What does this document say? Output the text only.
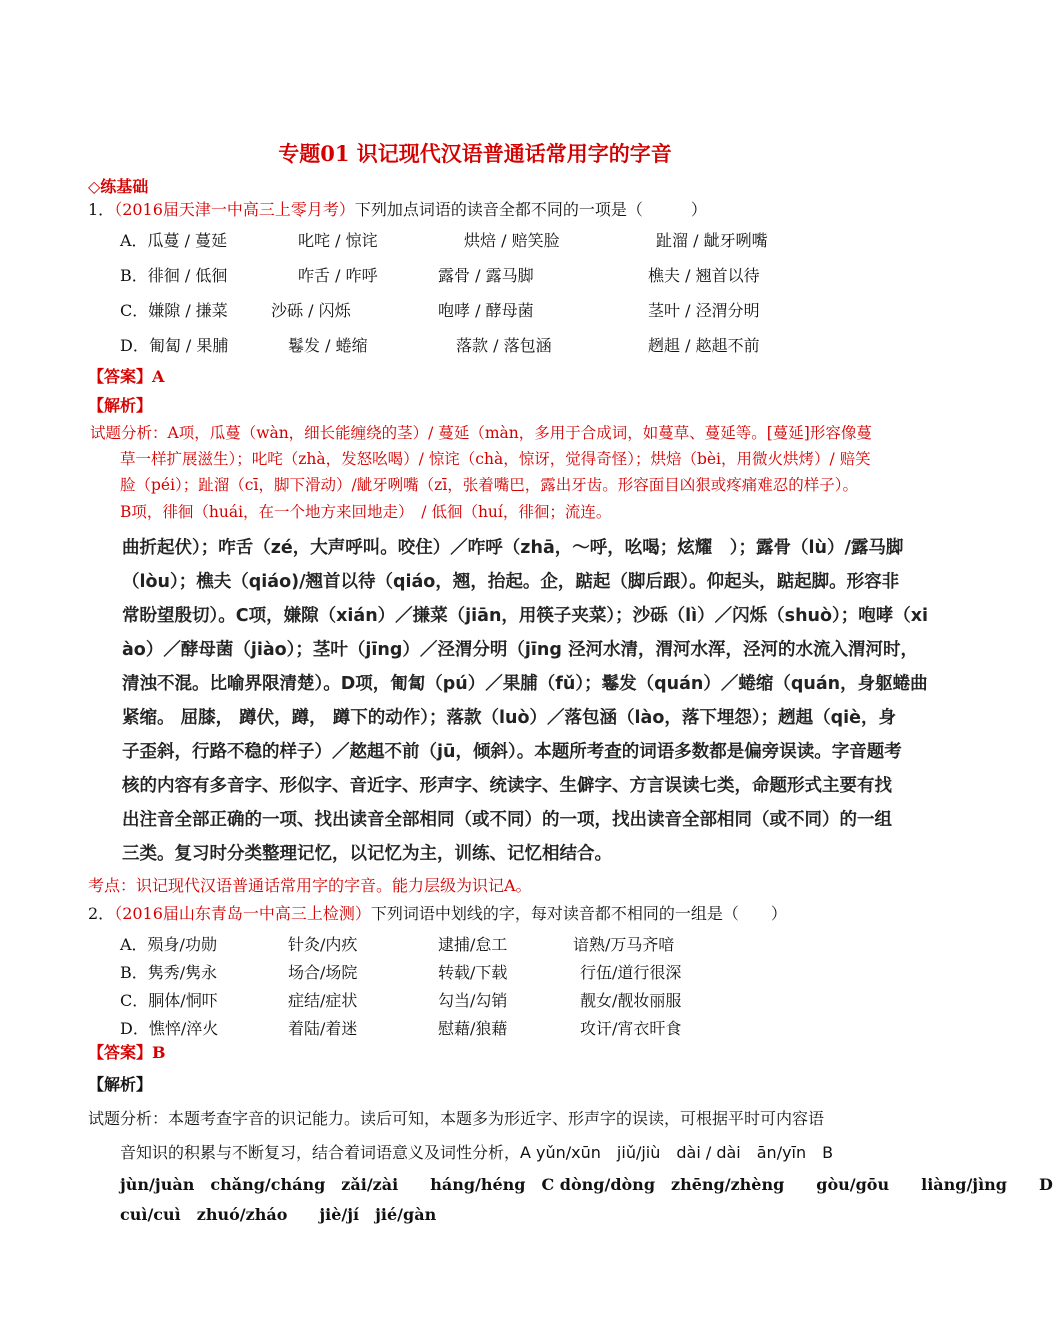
专题01 识记现代汉语普通话常用字的字音
◇练基础
1．（2016届天津一中高三上零月考）下列加点词语的读音全都不同的一项是（　　　）
A．瓜蔓 / 蔓延	叱咤 / 惊诧	烘焙 / 赔笑脸	趾溜 / 龇牙咧嘴
B．徘徊 / 低徊	咋舌 / 咋呼	露骨 / 露马脚	樵夫 / 翘首以待
C．嫌隙 / 搛菜	沙砾 / 闪烁	咆哮 / 酵母菌	茎叶 / 泾渭分明
D．匍匐 / 果脯	鬈发 / 蜷缩	落款 / 落包涵	趔趄 / 趑趄不前
【答案】A
【解析】
试题分析：A项，瓜蔓（wàn，细长能缠绕的茎）/ 蔓延（màn，多用于合成词，如蔓草、蔓延等。[蔓延]形容像蔓
草一样扩展滋生）；叱咤（zhà，发怒吆喝）/ 惊诧（chà，惊讶，觉得奇怪）；烘焙（bèi，用微火烘烤）/ 赔笑
脸（péi）；趾溜（cī，脚下滑动）/龇牙咧嘴（zī，张着嘴巴，露出牙齿。形容面目凶狠或疼痛难忍的样子）。
B项，徘徊（huái，在一个地方来回地走）　/ 低徊（huí，徘徊；流连。
曲折起伏）；咋舌（zé，大声呼叫。咬住）／咋呼（zhā，～呼，吆喝；炫耀　）；露骨（lù）/露马脚
（lòu）；樵夫（qiáo)/翘首以待（qiáo，翘，抬起。企，踮起（脚后跟）。仰起头，踮起脚。形容非
常盼望殷切）。C项，嫌隙（xián）／搛菜（jiān，用筷子夹菜）；沙砾（lì）／闪烁（shuò）；咆哮（xi
ào）／酵母菌（jiào）；茎叶（jīng）／泾渭分明（jīng 泾河水清，渭河水浑，泾河的水流入渭河时，
清浊不混。比喻界限清楚）。D项，匍匐（pú）／果脯（fǔ）；鬈发（quán）／蜷缩（quán，身躯蜷曲
紧缩。 屈膝， 蹲伏，蹲， 蹲下的动作）；落款（luò）／落包涵（lào，落下埋怨）；趔趄（qiè，身
子歪斜，行路不稳的样子）／趑趄不前（jū，倾斜）。本题所考查的词语多数都是偏旁误读。字音题考
核的内容有多音字、形似字、音近字、形声字、统读字、生僻字、方言误读七类，命题形式主要有找
出注音全部正确的一项、找出读音全部相同（或不同）的一项，找出读音全部相同（或不同）的一组
三类。复习时分类整理记忆，以记忆为主，训练、记忆相结合。
考点：识记现代汉语普通话常用字的字音。能力层级为识记A。
2．（2016届山东青岛一中高三上检测）下列词语中划线的字，每对读音都不相同的一组是（　　）
A．殒身/功勋	针灸/内疚	逮捕/怠工	谙熟/万马齐喑
B．隽秀/隽永	场合/场院	转载/下载	行伍/道行很深
C．胴体/恫吓	症结/症状	勾当/勾销	靓女/靓妆丽服
D．憔悴/淬火	着陆/着迷	慰藉/狼藉	攻讦/宵衣旰食
【答案】B
【解析】
试题分析：本题考查字音的识记能力。读后可知，本题多为形近字、形声字的误读，可根据平时可内容语
音知识的积累与不断复习，结合着词语意义及词性分析，A yǔn/xūn　jiǔ/jiù　dài / dài　ān/yīn　B
jùn/juàn　chǎng/cháng　zǎi/zài　　háng/héng　C dòng/dòng　zhēng/zhèng　　gòu/gōu　　liàng/jìng　　D
cuì/cuì　zhuó/zháo　　jiè/jí　jié/gàn
